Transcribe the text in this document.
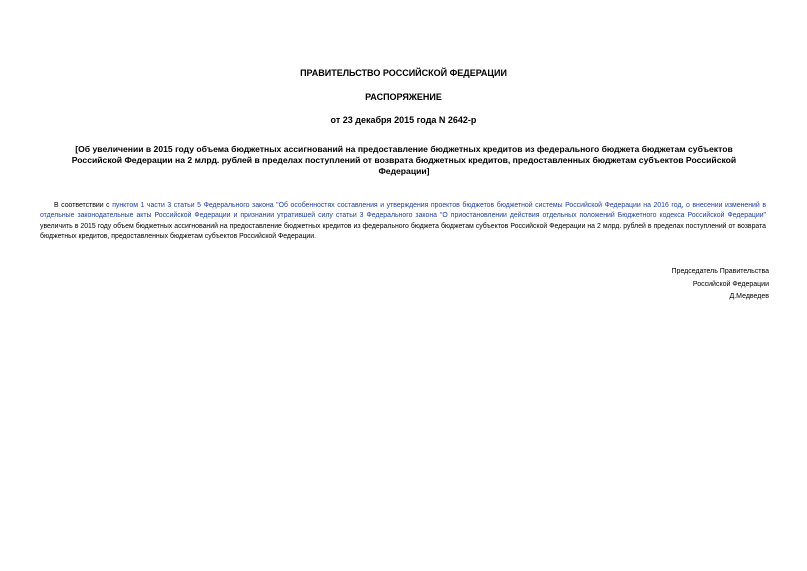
ПРАВИТЕЛЬСТВО РОССИЙСКОЙ ФЕДЕРАЦИИ
РАСПОРЯЖЕНИЕ
от 23 декабря 2015 года N 2642-р
[Об увеличении в 2015 году объема бюджетных ассигнований на предоставление бюджетных кредитов из федерального бюджета бюджетам субъектов Российской Федерации на 2 млрд. рублей в пределах поступлений от возврата бюджетных кредитов, предоставленных бюджетам субъектов Российской Федерации]

В соответствии с пунктом 1 части 3 статьи 5 Федерального закона "Об особенностях составления и утверждения проектов бюджетов бюджетной системы Российской Федерации на 2016 год, о внесении изменений в отдельные законодательные акты Российской Федерации и признании утратившей силу статьи 3 Федерального закона "О приостановлении действия отдельных положений Бюджетного кодекса Российской Федерации" увеличить в 2015 году объем бюджетных ассигнований на предоставление бюджетных кредитов из федерального бюджета бюджетам субъектов Российской Федерации на 2 млрд. рублей в пределах поступлений от возврата бюджетных кредитов, предоставленных бюджетам субъектов Российской Федерации.

Председатель Правительства
Российской Федерации
Д.Медведев
